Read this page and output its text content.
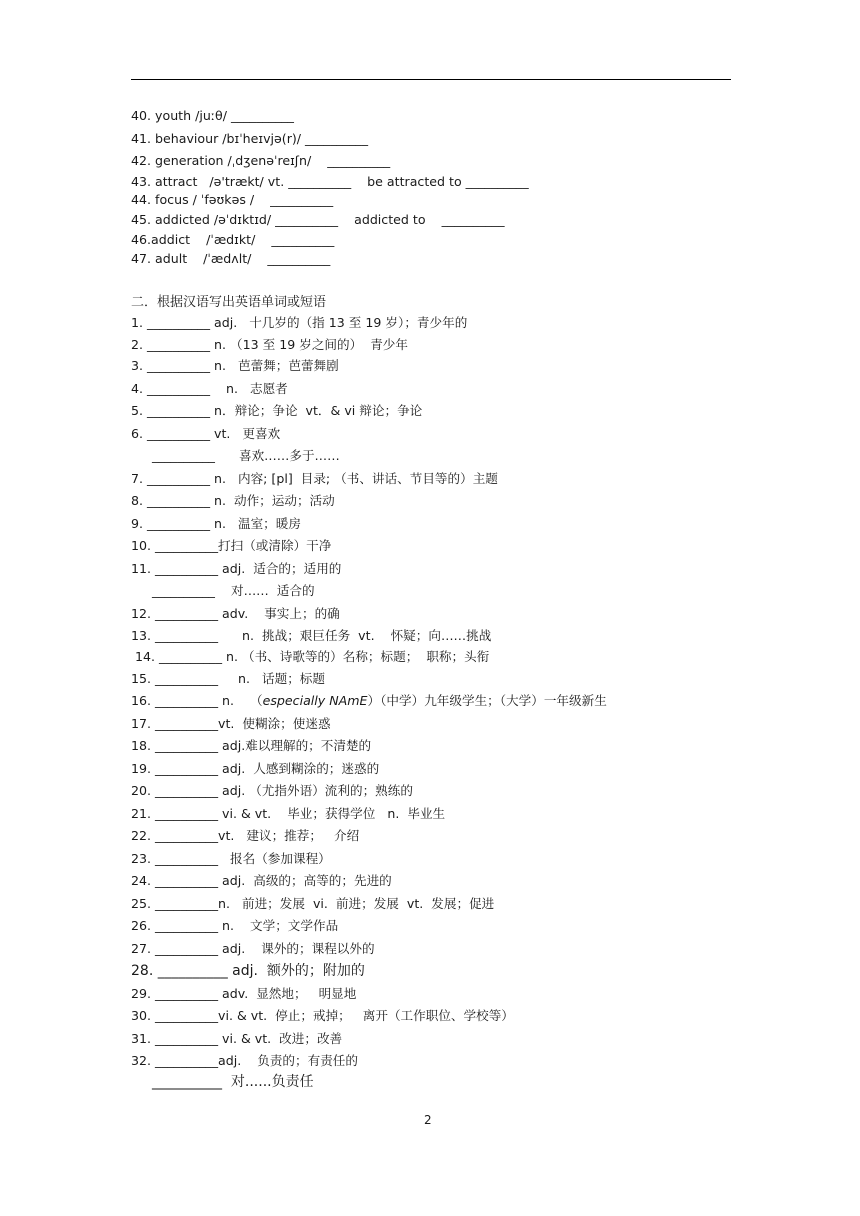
40. youth /juːθ/ __________
41. behaviour /bɪˈheɪvjə(r)/ __________
42. generation /ˌdʒenəˈreɪʃn/    __________
43. attract   /ə'trækt/ vt. __________    be attracted to __________
44. focus / ˈfəʊkəs /    __________
45. addicted /əˈdɪktɪd/ __________    addicted to    __________
46.addict    /ˈædɪkt/    __________
47. adult    /ˈædʌlt/    __________
二．根据汉语写出英语单词或短语
1. __________ adj.   十几岁的（指 13 至 19 岁）；青少年的
2. __________ n. （13 至 19 岁之间的）  青少年
3. __________ n.   芭蕾舞；芭蕾舞剧
4. __________    n.   志愿者
5. __________ n．辩论；争论  vt．& vi 辩论；争论
6. __________ vt.   更喜欢
__________      喜欢……多于……
7. __________ n.   内容; [pl]  目录; （书、讲话、节目等的）主题
8. __________ n.  动作；运动；活动
9. __________ n.   温室；暖房
10. __________打扫（或清除）干净
11. __________ adj.  适合的；适用的
__________    对……  适合的
12. __________ adv.    事实上；的确
13. __________      n.  挑战；艰巨任务  vt.    怀疑；向……挑战
14. __________ n. （书、诗歌等的）名称；标题；  职称；头衔
15. __________     n.   话题；标题
16. __________ n.    （especially NAmE）（中学）九年级学生；（大学）一年级新生
17. __________vt.  使糊涂；使迷惑
18. __________ adj.难以理解的；不清楚的
19. __________ adj.  人感到糊涂的；迷惑的
20. __________ adj. （尤指外语）流利的；熟练的
21. __________ vi. & vt.    毕业；获得学位   n.  毕业生
22. __________vt.   建议；推荐；   介绍
23. __________   报名（参加课程）
24. __________ adj.  高级的；高等的；先进的
25. __________n.   前进；发展  vi.  前进；发展  vt.  发展；促进
26. __________ n.    文学；文学作品
27. __________ adj.    课外的；课程以外的
28. __________ adj.  额外的；附加的
29. __________ adv.  显然地；   明显地
30. __________vi. & vt.  停止；戒掉；   离开（工作职位、学校等）
31. __________ vi. & vt.  改进；改善
32. __________adj.    负责的；有责任的
__________  对......负责任
2
